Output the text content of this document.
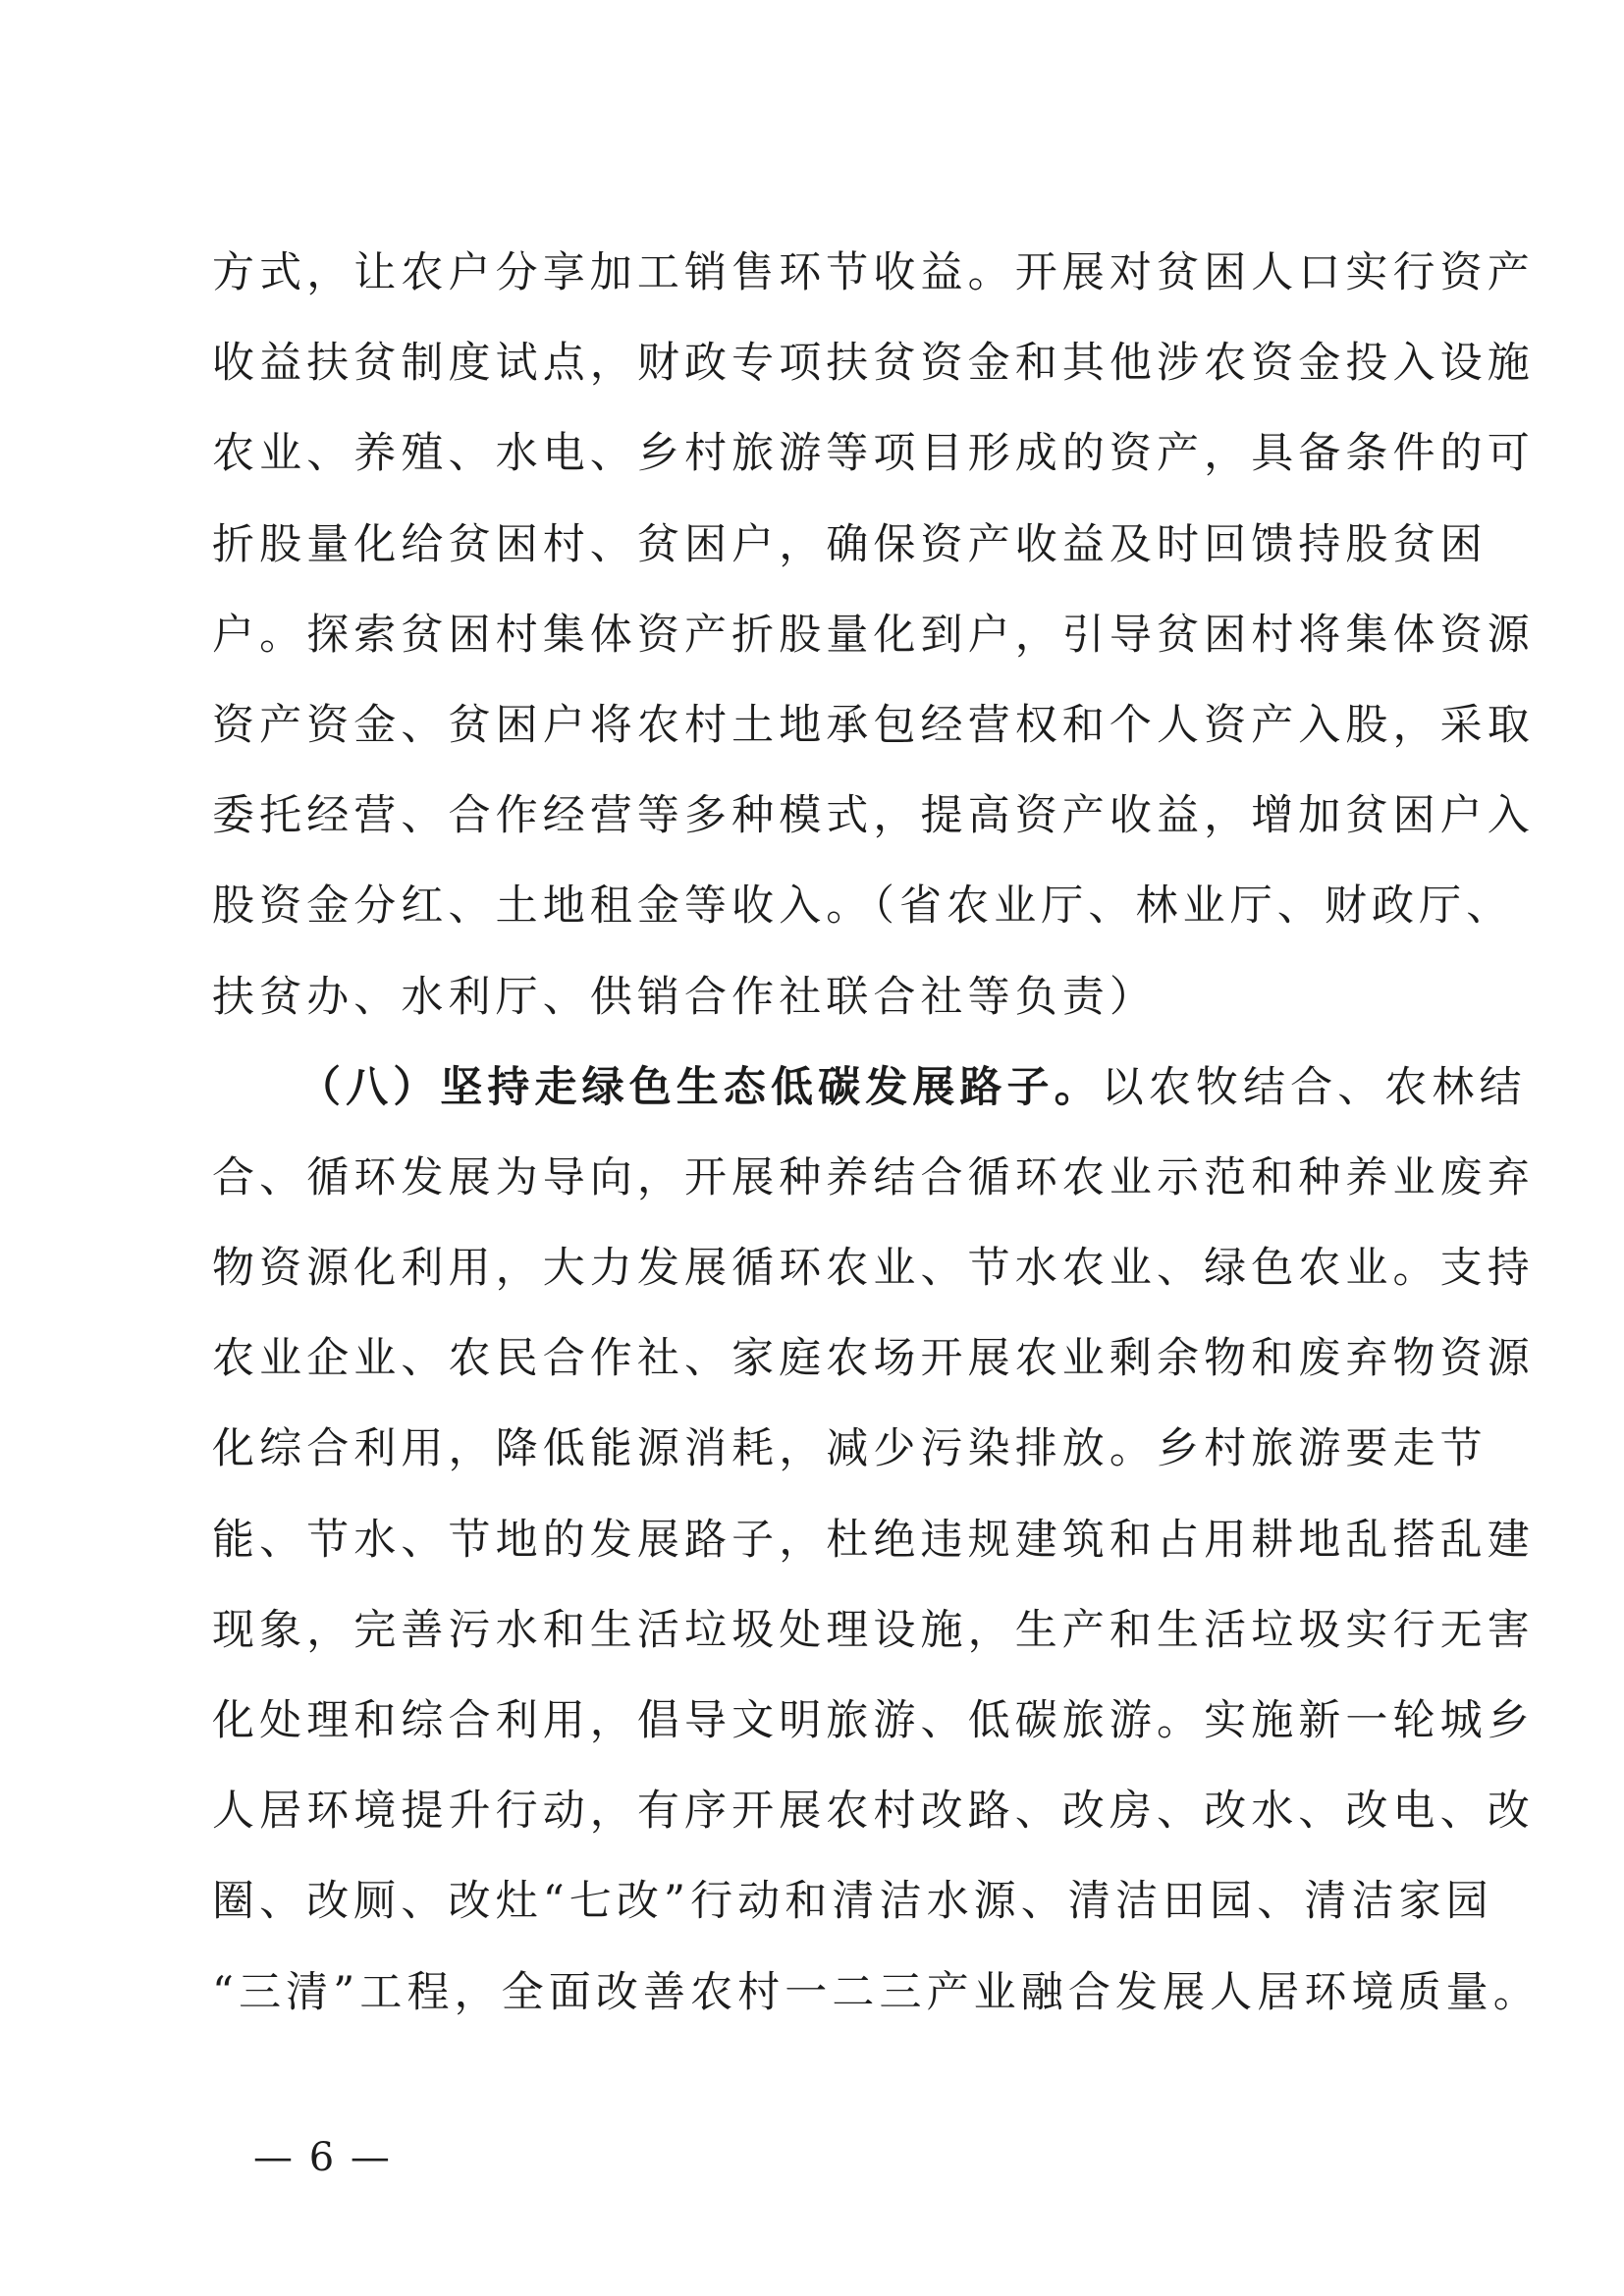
方式，让农户分享加工销售环节收益。开展对贫困人口实行资产
收益扶贫制度试点，财政专项扶贫资金和其他涉农资金投入设施
农业、养殖、水电、乡村旅游等项目形成的资产，具备条件的可
折股量化给贫困村、贫困户，确保资产收益及时回馈持股贫困
户。探索贫困村集体资产折股量化到户，引导贫困村将集体资源
资产资金、贫困户将农村土地承包经营权和个人资产入股，采取
委托经营、合作经营等多种模式，提高资产收益，增加贫困户入
股资金分红、土地租金等收入。（省农业厅、林业厅、财政厅、
扶贫办、水利厅、供销合作社联合社等负责）
（八）坚持走绿色生态低碳发展路子。以农牧结合、农林结
合、循环发展为导向，开展种养结合循环农业示范和种养业废弃
物资源化利用，大力发展循环农业、节水农业、绿色农业。支持
农业企业、农民合作社、家庭农场开展农业剩余物和废弃物资源
化综合利用，降低能源消耗，减少污染排放。乡村旅游要走节
能、节水、节地的发展路子，杜绝违规建筑和占用耕地乱搭乱建
现象，完善污水和生活垃圾处理设施，生产和生活垃圾实行无害
化处理和综合利用，倡导文明旅游、低碳旅游。实施新一轮城乡
人居环境提升行动，有序开展农村改路、改房、改水、改电、改
圈、改厕、改灶“七改”行动和清洁水源、清洁田园、清洁家园
“三清”工程，全面改善农村一二三产业融合发展人居环境质量。
— 6 —
